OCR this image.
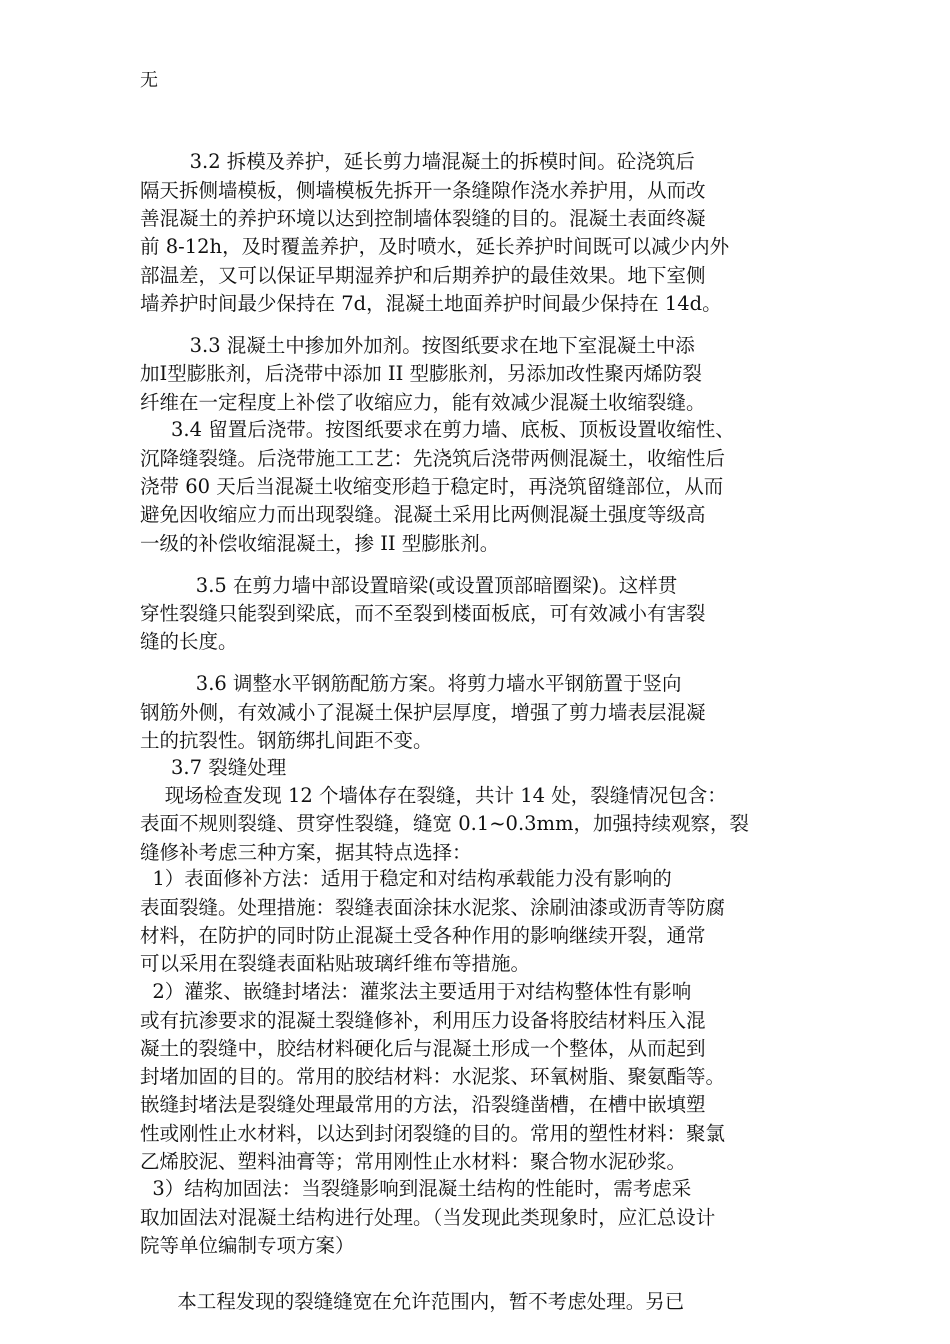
无
3.2 拆模及养护，延长剪力墙混凝土的拆模时间。砼浇筑后
隔天拆侧墙模板，侧墙模板先拆开一条缝隙作浇水养护用，从而改
善混凝土的养护环境以达到控制墙体裂缝的目的。混凝土表面终凝
前 8-12h，及时覆盖养护，及时喷水，延长养护时间既可以减少内外
部温差，又可以保证早期湿养护和后期养护的最佳效果。地下室侧
墙养护时间最少保持在 7d，混凝土地面养护时间最少保持在 14d。
3.3 混凝土中掺加外加剂。按图纸要求在地下室混凝土中添
加Ⅰ型膨胀剂，后浇带中添加 II 型膨胀剂，另添加改性聚丙烯防裂
纤维在一定程度上补偿了收缩应力，能有效减少混凝土收缩裂缝。
3.4 留置后浇带。按图纸要求在剪力墙、底板、顶板设置收缩性、
沉降缝裂缝。后浇带施工工艺：先浇筑后浇带两侧混凝土，收缩性后
浇带 60 天后当混凝土收缩变形趋于稳定时，再浇筑留缝部位，从而
避免因收缩应力而出现裂缝。混凝土采用比两侧混凝土强度等级高
一级的补偿收缩混凝土，掺 II 型膨胀剂。
3.5 在剪力墙中部设置暗梁(或设置顶部暗圈梁)。这样贯
穿性裂缝只能裂到梁底，而不至裂到楼面板底，可有效减小有害裂
缝的长度。
3.6 调整水平钢筋配筋方案。将剪力墙水平钢筋置于竖向
钢筋外侧，有效减小了混凝土保护层厚度，增强了剪力墙表层混凝
土的抗裂性。钢筋绑扎间距不变。
3.7 裂缝处理
现场检查发现 12 个墙体存在裂缝，共计 14 处，裂缝情况包含：
表面不规则裂缝、贯穿性裂缝，缝宽 0.1~0.3mm，加强持续观察，裂
缝修补考虑三种方案，据其特点选择：
1）表面修补方法：适用于稳定和对结构承载能力没有影响的
表面裂缝。处理措施：裂缝表面涂抹水泥浆、涂刷油漆或沥青等防腐
材料，在防护的同时防止混凝土受各种作用的影响继续开裂，通常
可以采用在裂缝表面粘贴玻璃纤维布等措施。
2）灌浆、嵌缝封堵法：灌浆法主要适用于对结构整体性有影响
或有抗渗要求的混凝土裂缝修补，利用压力设备将胶结材料压入混
凝土的裂缝中，胶结材料硬化后与混凝土形成一个整体，从而起到
封堵加固的目的。常用的胶结材料：水泥浆、环氧树脂、聚氨酯等。
嵌缝封堵法是裂缝处理最常用的方法，沿裂缝凿槽，在槽中嵌填塑
性或刚性止水材料，以达到封闭裂缝的目的。常用的塑性材料：聚氯
乙烯胶泥、塑料油膏等；常用刚性止水材料：聚合物水泥砂浆。
3）结构加固法：当裂缝影响到混凝土结构的性能时，需考虑采
取加固法对混凝土结构进行处理。（当发现此类现象时，应汇总设计
院等单位编制专项方案）
本工程发现的裂缝缝宽在允许范围内，暂不考虑处理。另已
